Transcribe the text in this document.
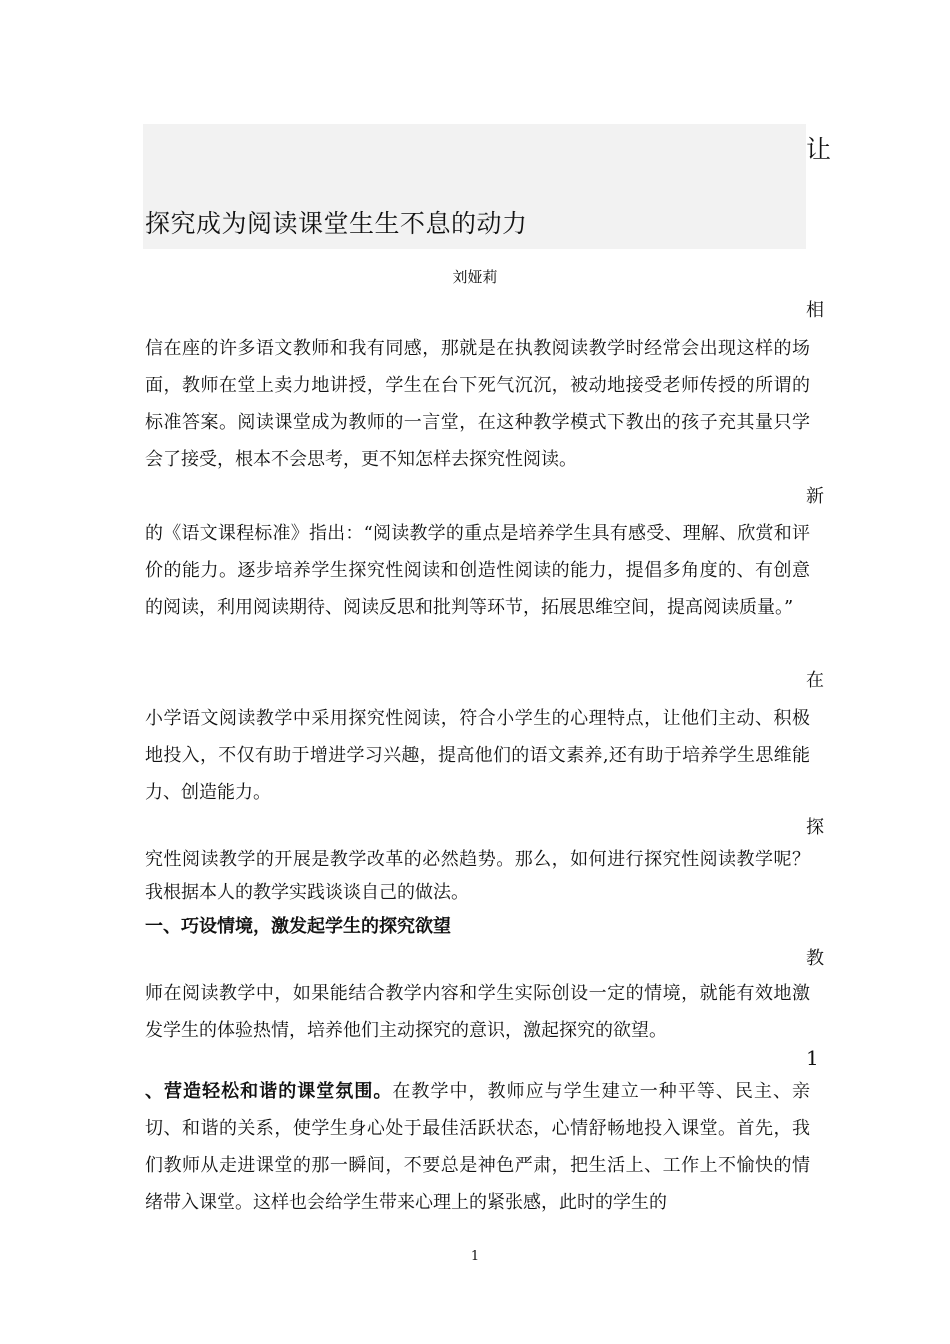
让
探究成为阅读课堂生生不息的动力
刘娅莉
相

信在座的许多语文教师和我有同感，那就是在执教阅读教学时经常会出现这样的场面，教师在堂上卖力地讲授，学生在台下死气沉沉，被动地接受老师传授的所谓的标准答案。阅读课堂成为教师的一言堂，在这种教学模式下教出的孩子充其量只学会了接受，根本不会思考，更不知怎样去探究性阅读。

新

的《语文课程标准》指出：“阅读教学的重点是培养学生具有感受、理解、欣赏和评价的能力。逐步培养学生探究性阅读和创造性阅读的能力，提倡多角度的、有创意的阅读，利用阅读期待、阅读反思和批判等环节，拓展思维空间，提高阅读质量。”

在

小学语文阅读教学中采用探究性阅读，符合小学生的心理特点，让他们主动、积极地投入，不仅有助于增进学习兴趣，提高他们的语文素养,还有助于培养学生思维能力、创造能力。

探

究性阅读教学的开展是教学改革的必然趋势。那么，如何进行探究性阅读教学呢？我根据本人的教学实践谈谈自己的做法。

一、巧设情境，激发起学生的探究欲望
教

师在阅读教学中，如果能结合教学内容和学生实际创设一定的情境，就能有效地激发学生的体验热情，培养他们主动探究的意识，激起探究的欲望。

1

、营造轻松和谐的课堂氛围。在教学中，教师应与学生建立一种平等、民主、亲切、和谐的关系，使学生身心处于最佳活跃状态，心情舒畅地投入课堂。首先，我们教师从走进课堂的那一瞬间，不要总是神色严肃，把生活上、工作上不愉快的情绪带入课堂。这样也会给学生带来心理上的紧张感，此时的学生的

1
